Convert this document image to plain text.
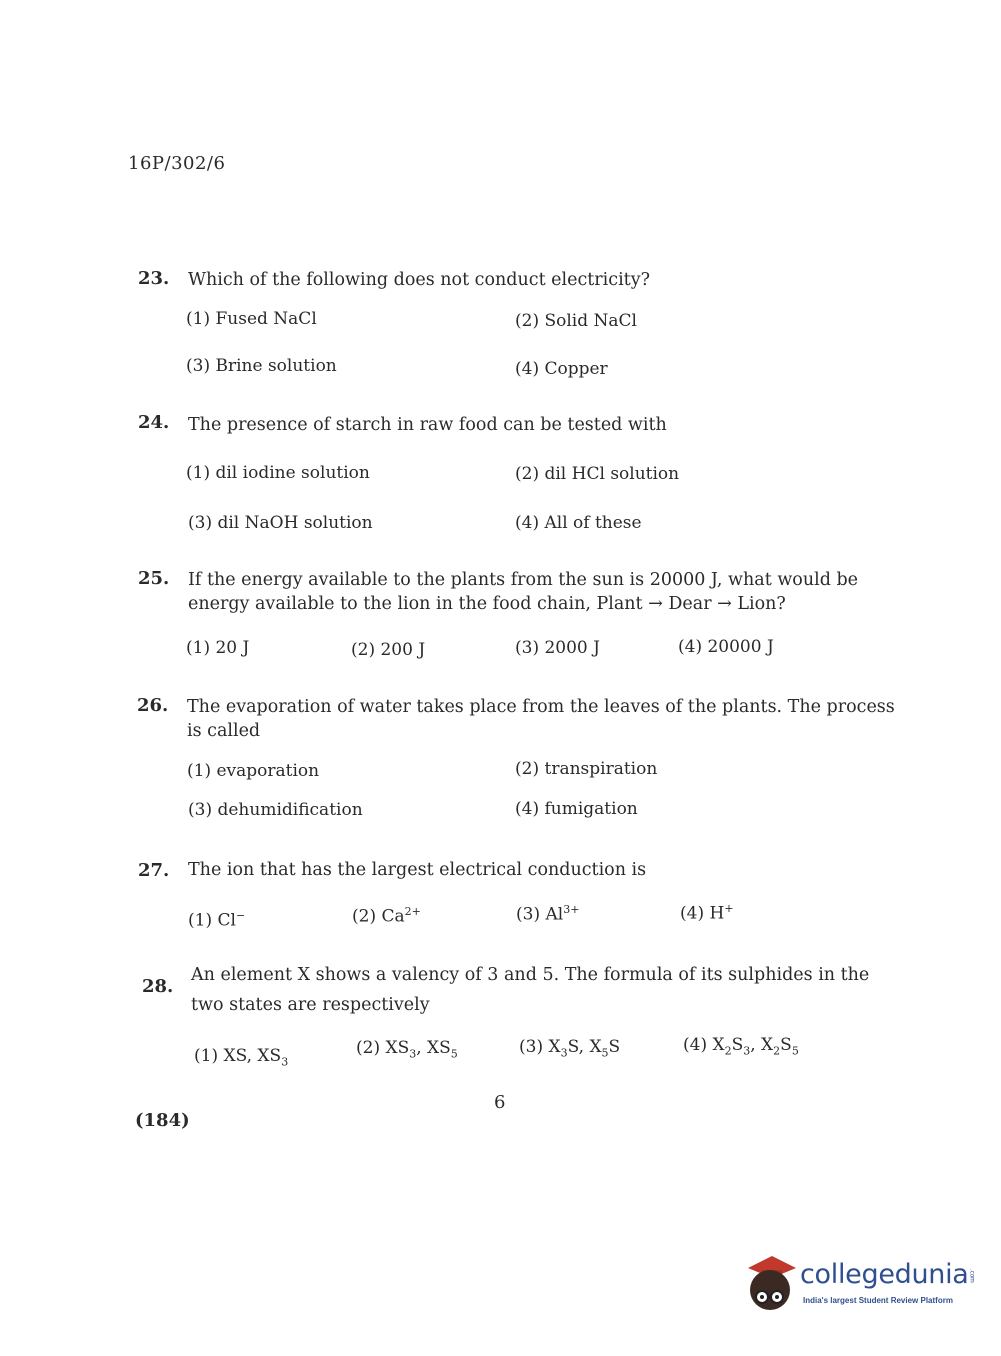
16P/302/6
23. Which of the following does not conduct electricity?
(1) Fused NaCl	(2) Solid NaCl
(3) Brine solution	(4) Copper
24. The presence of starch in raw food can be tested with
(1) dil iodine solution	(2) dil HCl solution
(3) dil NaOH solution	(4) All of these
25. If the energy available to the plants from the sun is 20000 J, what would be
energy available to the lion in the food chain, Plant → Dear → Lion?
(1) 20 J	(2) 200 J	(3) 2000 J	(4) 20000 J
26. The evaporation of water takes place from the leaves of the plants. The process
is called
(1) evaporation	(2) transpiration
(3) dehumidification	(4) fumigation
27. The ion that has the largest electrical conduction is
(1) Cl−	(2) $Ca^{2+}$	(3) $Al^{3+}$	(4) H+
28.
An element X shows a valency of 3 and 5. The formula of its sulphides in the
two states are respectively
(1) XS, $XS_3$
(2) $XS_3$, $XS_5$	(3) $X_3S$, $X_5S$	(4) $X_2S_3$, $X_2S_5$
6
(184)
collegedunia.com
India's largest Student Review Platform
